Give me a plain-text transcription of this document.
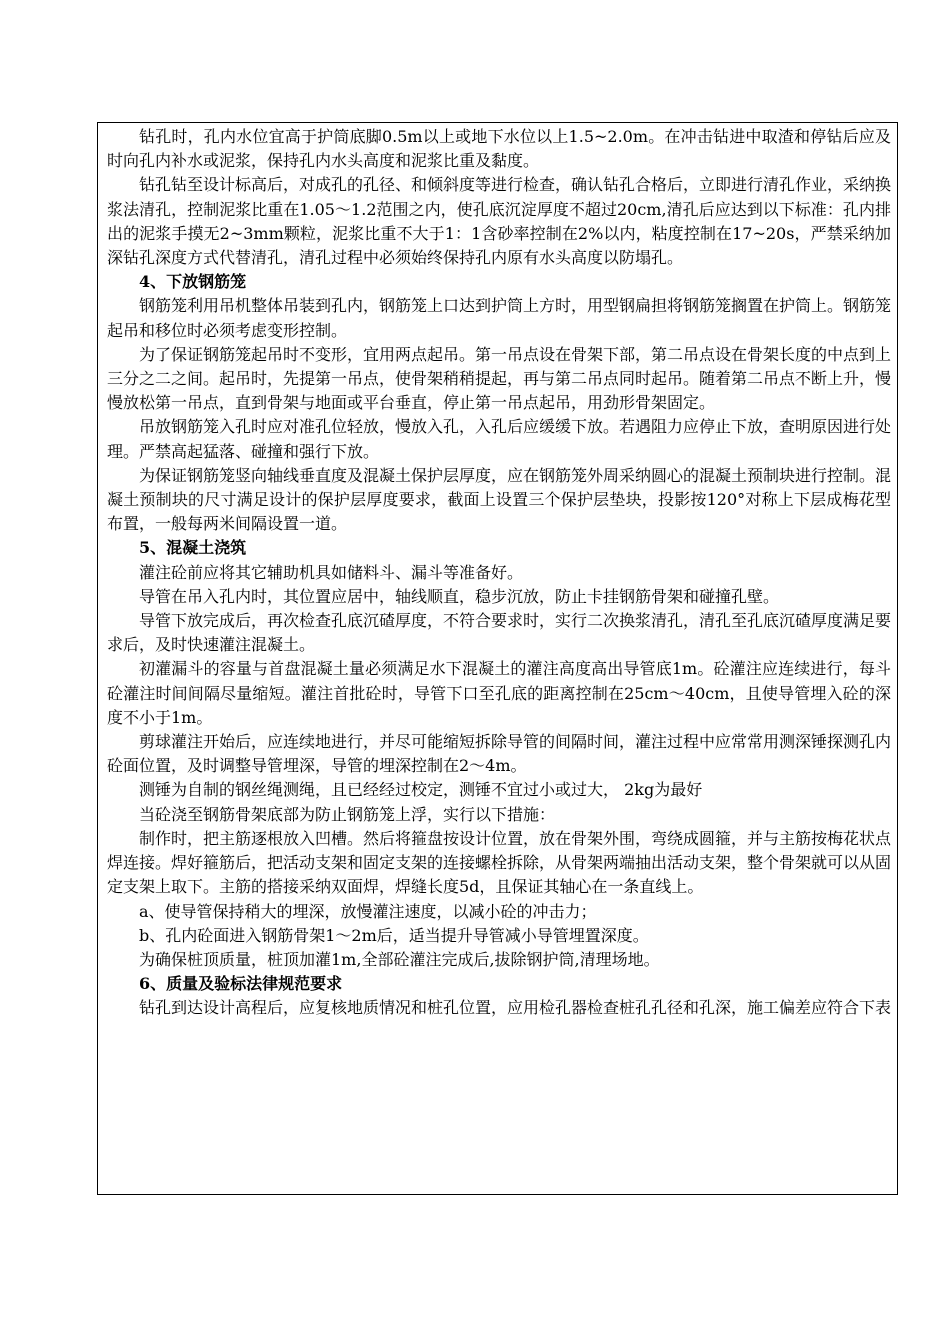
钻孔时，孔内水位宜高于护筒底脚0.5m以上或地下水位以上1.5~2.0m。在冲击钻进中取渣和停钻后应及时向孔内补水或泥浆，保持孔内水头高度和泥浆比重及黏度。

钻孔钻至设计标高后，对成孔的孔径、和倾斜度等进行检查，确认钻孔合格后，立即进行清孔作业，采纳换浆法清孔，控制泥浆比重在1.05～1.2范围之内，使孔底沉淀厚度不超过20cm,清孔后应达到以下标准：孔内排出的泥浆手摸无2~3mm颗粒，泥浆比重不大于1：1含砂率控制在2%以内，粘度控制在17~20s，严禁采纳加深钻孔深度方式代替清孔，清孔过程中必须始终保持孔内原有水头高度以防塌孔。

4、下放钢筋笼

钢筋笼利用吊机整体吊装到孔内，钢筋笼上口达到护筒上方时，用型钢扁担将钢筋笼搁置在护筒上。钢筋笼起吊和移位时必须考虑变形控制。

为了保证钢筋笼起吊时不变形，宜用两点起吊。第一吊点设在骨架下部，第二吊点设在骨架长度的中点到上三分之二之间。起吊时，先提第一吊点，使骨架稍稍提起，再与第二吊点同时起吊。随着第二吊点不断上升，慢慢放松第一吊点，直到骨架与地面或平台垂直，停止第一吊点起吊，用劲形骨架固定。

吊放钢筋笼入孔时应对准孔位轻放，慢放入孔，入孔后应缓缓下放。若遇阻力应停止下放，查明原因进行处理。严禁高起猛落、碰撞和强行下放。

为保证钢筋笼竖向轴线垂直度及混凝土保护层厚度，应在钢筋笼外周采纳圆心的混凝土预制块进行控制。混凝土预制块的尺寸满足设计的保护层厚度要求，截面上设置三个保护层垫块，投影按120°对称上下层成梅花型布置，一般每两米间隔设置一道。

5、混凝土浇筑

灌注砼前应将其它辅助机具如储料斗、漏斗等准备好。

导管在吊入孔内时，其位置应居中，轴线顺直，稳步沉放，防止卡挂钢筋骨架和碰撞孔壁。

导管下放完成后，再次检查孔底沉碴厚度，不符合要求时，实行二次换浆清孔，清孔至孔底沉碴厚度满足要求后，及时快速灌注混凝土。

初灌漏斗的容量与首盘混凝土量必须满足水下混凝土的灌注高度高出导管底1m。砼灌注应连续进行，每斗砼灌注时间间隔尽量缩短。灌注首批砼时，导管下口至孔底的距离控制在25cm～40cm，且使导管埋入砼的深度不小于1m。

剪球灌注开始后，应连续地进行，并尽可能缩短拆除导管的间隔时间，灌注过程中应常常用测深锤探测孔内砼面位置，及时调整导管埋深，导管的埋深控制在2～4m。

测锤为自制的钢丝绳测绳，且已经经过校定，测锤不宜过小或过大， 2kg为最好

当砼浇至钢筋骨架底部为防止钢筋笼上浮，实行以下措施：

制作时，把主筋逐根放入凹槽。然后将箍盘按设计位置，放在骨架外围，弯绕成圆箍，并与主筋按梅花状点焊连接。焊好箍筋后，把活动支架和固定支架的连接螺栓拆除，从骨架两端抽出活动支架，整个骨架就可以从固定支架上取下。主筋的搭接采纳双面焊，焊缝长度5d，且保证其轴心在一条直线上。

a、使导管保持稍大的埋深，放慢灌注速度，以减小砼的冲击力；

b、孔内砼面进入钢筋骨架1～2m后，适当提升导管减小导管埋置深度。

为确保桩顶质量，桩顶加灌1m,全部砼灌注完成后,拔除钢护筒,清理场地。

6、质量及验标法律规范要求

钻孔到达设计高程后，应复核地质情况和桩孔位置，应用检孔器检查桩孔孔径和孔深，施工偏差应符合下表
